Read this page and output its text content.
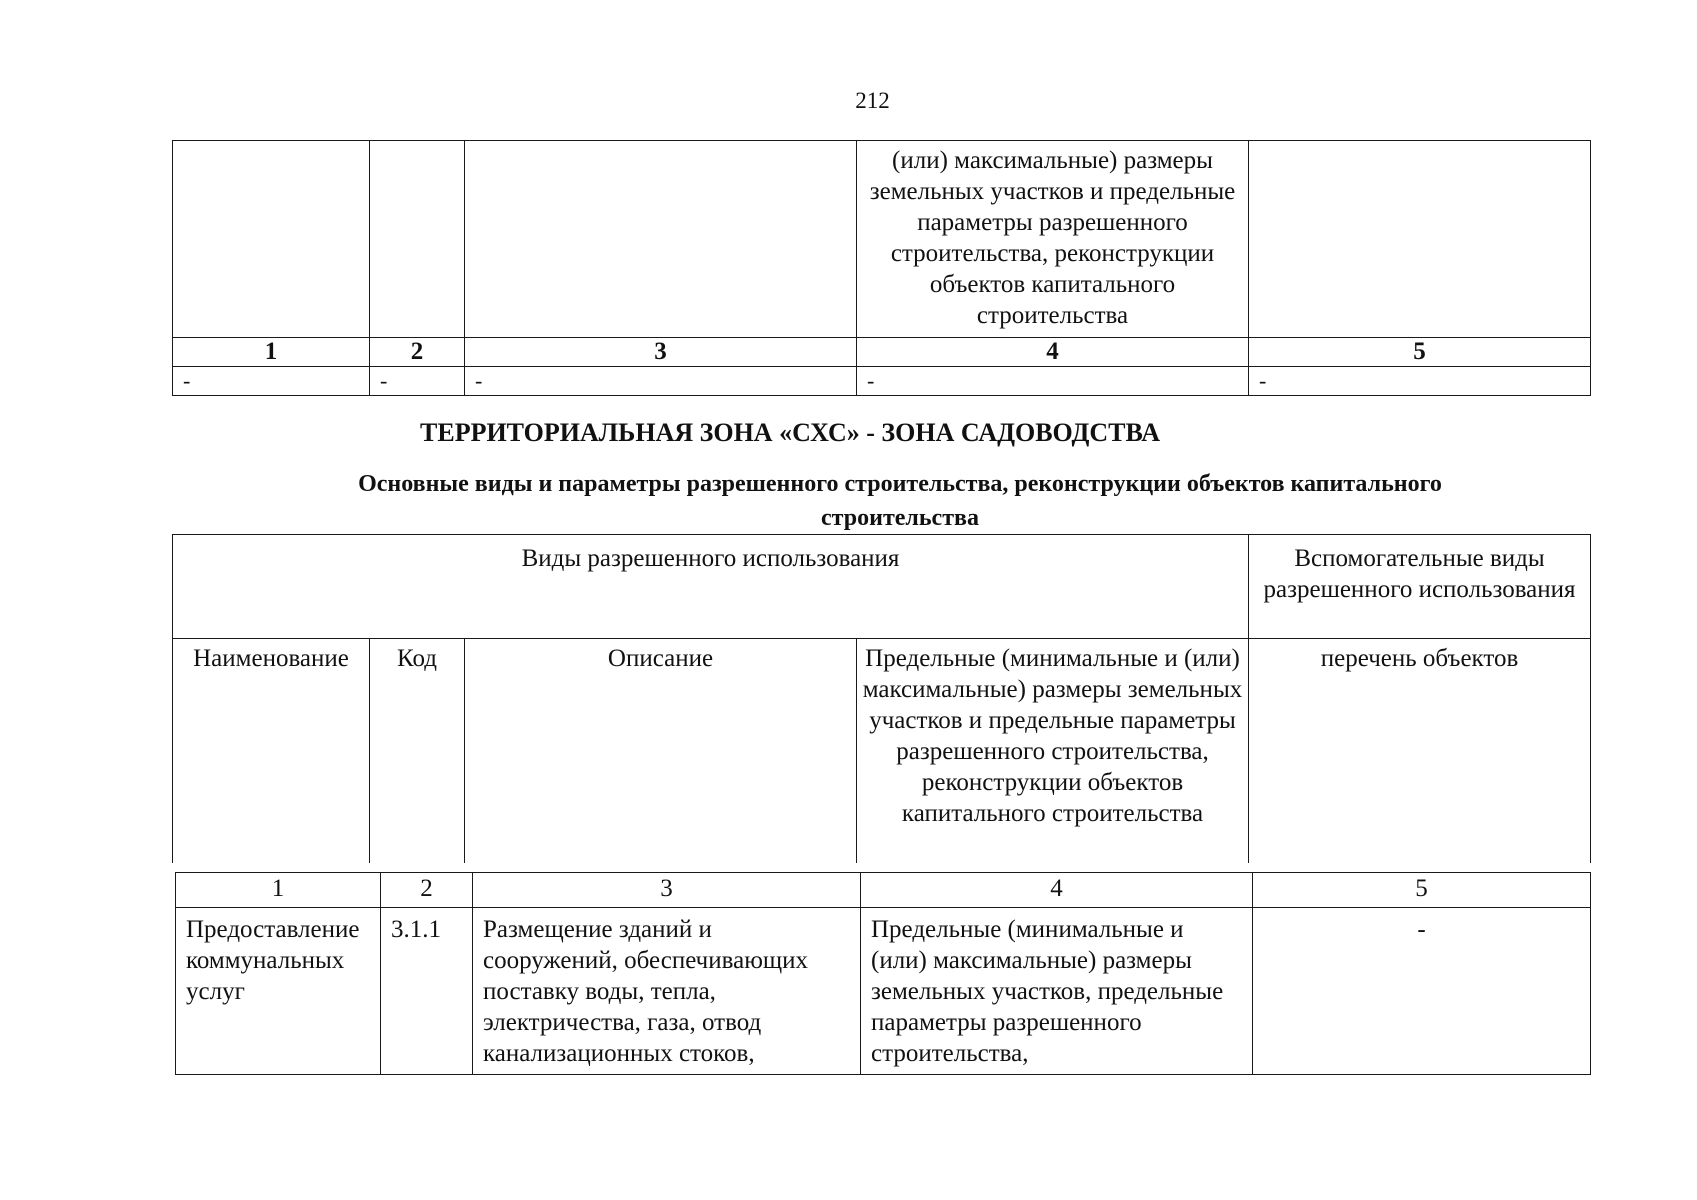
212
			(или) максимальные) размеры земельных участков и предельные параметры разрешенного строительства, реконструкции объектов капитального строительства	
1	2	3	4	5
-	-	-	-	-
ТЕРРИТОРИАЛЬНАЯ ЗОНА «СХС» - ЗОНА САДОВОДСТВА
Основные виды и параметры разрешенного строительства, реконструкции объектов капитального строительства
Виды разрешенного использования				Вспомогательные виды разрешенного использования
Наименование	Код	Описание	Предельные (минимальные и (или) максимальные) размеры земельных участков и предельные параметры разрешенного строительства, реконструкции объектов капитального строительства	перечень объектов
1	2	3	4	5
Предоставление коммунальных услуг	3.1.1	Размещение зданий и сооружений, обеспечивающих поставку воды, тепла, электричества, газа, отвод канализационных стоков,	Предельные (минимальные и (или) максимальные) размеры земельных участков, предельные параметры разрешенного строительства,	-
